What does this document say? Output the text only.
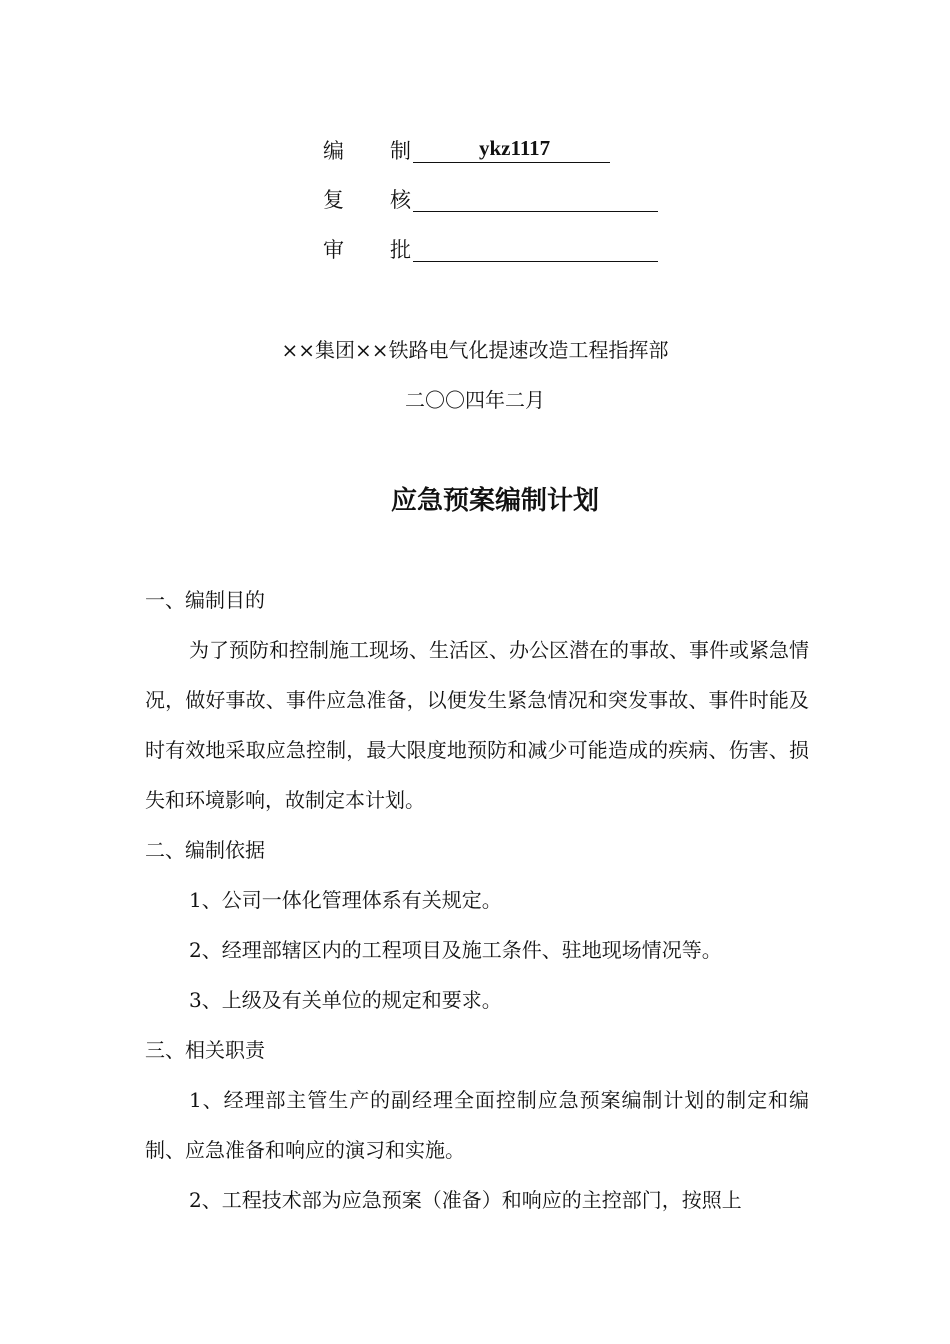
编 制	ykz1117
复 核
审 批
××集团××铁路电气化提速改造工程指挥部
二〇〇四年二月
应急预案编制计划

一、编制目的

为了预防和控制施工现场、生活区、办公区潜在的事故、事件或紧急情况，做好事故、事件应急准备，以便发生紧急情况和突发事故、事件时能及时有效地采取应急控制，最大限度地预防和减少可能造成的疾病、伤害、损失和环境影响，故制定本计划。

二、编制依据

1、公司一体化管理体系有关规定。

2、经理部辖区内的工程项目及施工条件、驻地现场情况等。

3、上级及有关单位的规定和要求。

三、相关职责

1、经理部主管生产的副经理全面控制应急预案编制计划的制定和编制、应急准备和响应的演习和实施。

2、工程技术部为应急预案（准备）和响应的主控部门，按照上
